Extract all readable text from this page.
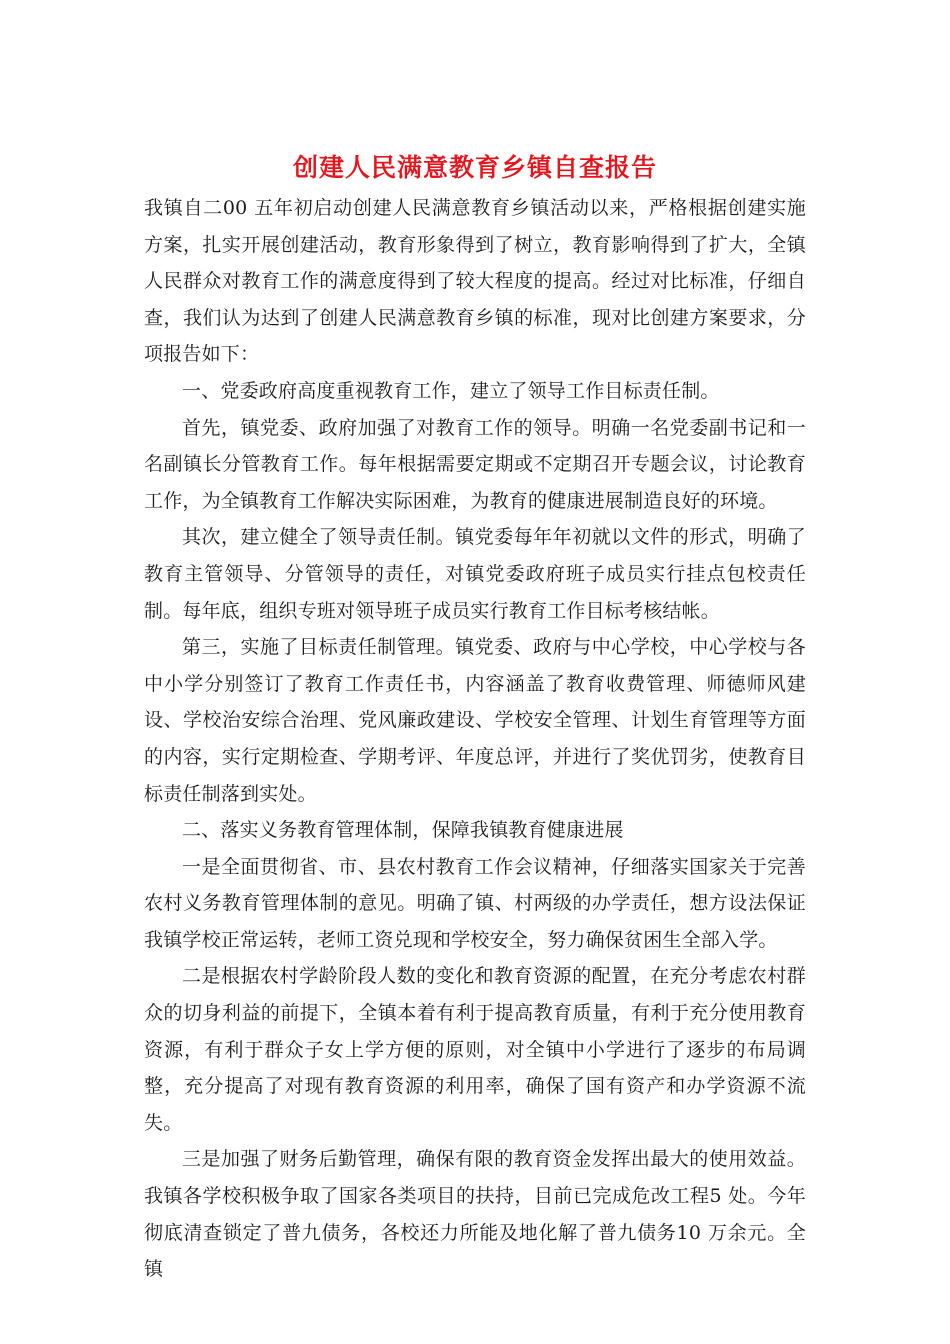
创建人民满意教育乡镇自查报告

我镇自二00 五年初启动创建人民满意教育乡镇活动以来，严格根据创建实施方案，扎实开展创建活动，教育形象得到了树立，教育影响得到了扩大，全镇人民群众对教育工作的满意度得到了较大程度的提高。经过对比标准，仔细自查，我们认为达到了创建人民满意教育乡镇的标准，现对比创建方案要求，分项报告如下：

一、党委政府高度重视教育工作，建立了领导工作目标责任制。

首先，镇党委、政府加强了对教育工作的领导。明确一名党委副书记和一名副镇长分管教育工作。每年根据需要定期或不定期召开专题会议，讨论教育工作，为全镇教育工作解决实际困难，为教育的健康进展制造良好的环境。

其次，建立健全了领导责任制。镇党委每年年初就以文件的形式，明确了教育主管领导、分管领导的责任，对镇党委政府班子成员实行挂点包校责任制。每年底，组织专班对领导班子成员实行教育工作目标考核结帐。

第三，实施了目标责任制管理。镇党委、政府与中心学校，中心学校与各中小学分别签订了教育工作责任书，内容涵盖了教育收费管理、师德师风建设、学校治安综合治理、党风廉政建设、学校安全管理、计划生育管理等方面的内容，实行定期检查、学期考评、年度总评，并进行了奖优罚劣，使教育目标责任制落到实处。

二、落实义务教育管理体制，保障我镇教育健康进展

一是全面贯彻省、市、县农村教育工作会议精神，仔细落实国家关于完善农村义务教育管理体制的意见。明确了镇、村两级的办学责任，想方设法保证我镇学校正常运转，老师工资兑现和学校安全，努力确保贫困生全部入学。

二是根据农村学龄阶段人数的变化和教育资源的配置，在充分考虑农村群众的切身利益的前提下，全镇本着有利于提高教育质量，有利于充分使用教育资源，有利于群众子女上学方便的原则，对全镇中小学进行了逐步的布局调整，充分提高了对现有教育资源的利用率，确保了国有资产和办学资源不流失。

三是加强了财务后勤管理，确保有限的教育资金发挥出最大的使用效益。我镇各学校积极争取了国家各类项目的扶持，目前已完成危改工程5 处。今年彻底清查锁定了普九债务，各校还力所能及地化解了普九债务10 万余元。全镇
